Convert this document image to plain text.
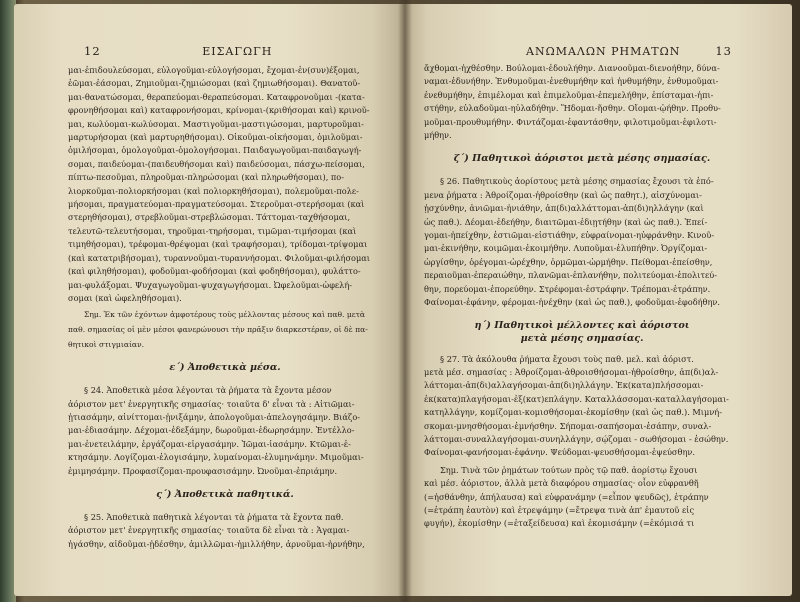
12	ΕΙΣΑΓΩΓΗ

μαι-ἐπιδουλεύσομαι, εὐλογοῦμαι-εὐλογήσομαι, ἔχομαι-ἐν(συν)έξομαι,

ἐῶμαι-ἐάσομαι, Ζημιοῦμαι-ζημιώσομαι (καὶ ζημιωθήσομαι). Θανατοῦ-

μαι-θανατώσομαι, θεραπεύομαι-θεραπεύσομαι. Καταφρονοῦμαι -(κατα-

φρονηθήσομαι καὶ) καταφρονήσομαι, κρίνομαι-(κριθήσομαι καὶ) κρινοῦ-

μαι, κωλύομαι-κωλύσομαι. Μαστιγοῦμαι-μαστιγώσομαι, μαρτυροῦμαι-

μαρτυρήσομαι (καὶ μαρτυρηθήσομαι). Οἰκοῦμαι-οἰκήσομαι, ὁμιλοῦμαι-

ὁμιλήσομαι, ὁμολογοῦμαι-ὁμολογήσομαι. Παιδαγωγοῦμαι-παιδαγωγή-

σομαι, παιδεύομαι-(παιδευθήσομαι καὶ) παιδεύσομαι, πάσχω-πείσομαι,

πίπτω-πεσοῦμαι, πληροῦμαι-πληρώσομαι (καὶ πληρωθήσομαι), πο-

λιορκοῦμαι-πολιορκήσομαι (καὶ πολιορκηθήσομαι), πολεμοῦμαι-πολε-

μήσομαι, πραγματεύομαι-πραγματεύσομαι. Στεροῦμαι-στερήσομαι (καὶ

στερηθήσομαι), στρεβλοῦμαι-στρεβλώσομαι. Τάττομαι-ταχθήσομαι,

τελευτῶ-τελευτήσομαι, τηροῦμαι-τηρήσομαι, τιμῶμαι-τιμήσομαι (καὶ

τιμηθήσομαι), τρέφομαι-θρέψομαι (καὶ τραφήσομαι), τρίδομαι-τρίψομαι

(καὶ κατατριβήσομαι), τυραννοῦμαι-τυραννήσομαι. Φιλοῦμαι-φιλήσομαι

(καὶ φιληθήσομαι), φοδοῦμαι-φοδήσομαι (καὶ φοδηθήσομαι), φυλάττο-

μαι-φυλάξομαι. Ψυχαγωγοῦμαι-ψυχαγωγήσομαι. Ὠφελοῦμαι-ὠφελή-

σομαι (καὶ ὠφεληθήσομαι).

Σημ. Ἐκ τῶν ἐχόντων ἀμφοτέρους τοὺς μέλλοντας μέσους καὶ παθ. μετὰ

παθ. σημασίας οἱ μὲν μέσοι φανερώνουσι τὴν πρᾶξιν διαρκεστέραν, οἱ δὲ πα-

θητικοὶ στιγμιαίαν.

ε΄) Ἀποθετικὰ μέσα.

§ 24. Ἀποθετικὰ μέσα λέγονται τὰ ῥήματα τὰ ἔχοντα μέσον

ἀόριστον μετ' ἐνεργητικῆς σημασίας· τοιαῦτα δ' εἶναι τὰ : Αἰτιῶμαι-

ᾐτιασάμην, αἰνίττομαι-ᾐνιξάμην, ἀπολογοῦμαι-ἀπελογησάμην. Βιάζο-

μαι-ἐδιασάμην. Δέχομαι-ἐδεξάμην, δωροῦμαι-ἐδωρησάμην. Ἐντέλλο-

μαι-ἐνετειλάμην, ἐργάζομαι-εἰργασάμην. Ἰῶμαι-ἰασάμην. Κτῶμαι-ἐ-

κτησάμην. Λογίζομαι-ἐλογισάμην, λυμαίνομαι-ἐλυμηνάμην. Μιμοῦμαι-

ἐμιμησάμην. Προφασίζομαι-προυφασισάμην. Ὠνοῦμαι-ἐπριάμην.

ς΄) Ἀποθετικὰ παθητικά.

§ 25. Ἀποθετικὰ παθητικὰ λέγονται τὰ ῥήματα τὰ ἔχοντα παθ.

ἀόριστον μετ' ἐνεργητικῆς σημασίας· τοιαῦτα δὲ εἶναι τὰ : Ἀγαμαι-

ἠγάσθην, αἰδοῦμαι-ᾐδέσθην, ἁμιλλῶμαι-ἡμιλλήθην, ἀρνοῦμαι-ἠρνήθην,

ΑΝΩΜΑΛΩΝ ΡΗΜΑΤΩΝ	13

ἄχθομαι-ἠχθέσθην. Βούλομαι-ἐδουλήθην. Διανοοῦμαι-διενοήθην, δύνα-

ναμαι-ἐδυνήθην. Ἐνθυμοῦμαι-ἐνεθυμήθην καὶ ἠνθυμήθην, ἐνθυμοῦμαι-

ἐνεθυμήθην, ἐπιμέλομαι καὶ ἐπιμελοῦμαι-ἐπεμελήθην, ἐπίσταμαι-ἠπι-

στήθην, εὐλαδοῦμαι-ηὐλαδήθην. Ἥδομαι-ἥσθην. Οἴομαι-ᾠήθην. Προθυ-

μοῦμαι-προυθυμήθην. Φιντάζομαι-ἐφαντάσθην, φιλοτιμοῦμαι-ἐφιλοτι-

μήθην.

ζ΄) Παθητικοὶ ἀόριστοι μετὰ μέσης σημασίας.

§ 26. Παθητικοὺς ἀορίστους μετὰ μέσης σημασίας ἔχουσι τὰ ἑπό-

μενα ῥήματα : Ἀθροίζομαι-ἠθροίσθην (καὶ ὡς παθητ.), αἰσχύνομαι-

ᾐσχύνθην, ἀνιῶμαι-ἠνιάθην, ἀπ(δι)αλλάττομαι-ἀπ(δι)ηλλάγην (καὶ

ὡς παθ.). Δέομαι-ἐδεήθην, διαιτῶμαι-ἐδιῃτήθην (καὶ ὡς παθ.). Ἐπεί-

γομαι-ἠπείχθην, ἑστιῶμαι-εἱστιάθην, εὐφραίνομαι-ηὐφράνθην. Κινοῦ-

μαι-ἐκινήθην, κοιμῶμαι-ἐκοιμήθην. Λυποῦμαι-ἐλυπήθην. Ὀργίζομαι-

ὠργίσθην, ὀρέγομαι-ὠρέχθην, ὁρμῶμαι-ὡρμήθην. Πείθομαι-ἐπείσθην,

περαιοῦμαι-ἐπεραιώθην, πλανῶμαι-ἐπλανήθην, πολιτεύομαι-ἐπολιτεύ-

θην, πορεύομαι-ἐπορεύθην. Στρέφομαι-ἐστράφην. Τρέπομαι-ἐτράπην.

Φαίνομαι-ἐφάνην, φέρομαι-ἠνέχθην (καὶ ὡς παθ.), φοδοῦμαι-ἐφοδήθην.

η΄) Παθητικοὶ μέλλοντες καὶ ἀόριστοι
μετὰ μέσης σημασίας.

§ 27. Τὰ ἀκόλουθα ῥήματα ἔχουσι τοὺς παθ. μελ. καὶ ἀόριστ.

μετὰ μέσ. σημασίας : Ἀθροίζομαι-ἀθροισθήσομαι-ἠθροίσθην, ἀπ(δι)αλ-

λάττομαι-ἀπ(δι)αλλαγήσομαι-ἀπ(δι)ηλλάγην. Ἐκ(κατα)πλήσσομαι-

ἐκ(κατα)πλαγήσομαι-ἐξ(κατ)επλάγην. Καταλλάσσομαι-καταλλαγήσομαι-

κατηλλάγην, κομίζομαι-κομισθήσομαι-ἐκομίσθην (καὶ ὡς παθ.). Μιμνή-

σκομαι-μνησθήσομαι-ἐμνήσθην. Σήπομαι-σαπήσομαι-ἐσάπην, συναλ-

λάττομαι-συναλλαγήσομαι-συνηλλάγην, σῴζομαι - σωθήσομαι - ἐσώθην.

Φαίνομαι-φανήσομαι-ἐφάνην. Ψεύδομαι-ψευσθήσομαι-ἐψεύσθην.

Σημ. Τινὰ τῶν ῥημάτων τούτων πρὸς τῷ παθ. ἀορίστῳ ἔχουσι

καὶ μέσ. ἀόριστον, ἀλλὰ μετὰ διαφόρου σημασίας· οἷον εὐφρανθῆ

(=ἡσθάνθην, ἀπήλαυσα) καὶ εὐφρανάμην (=εἶπον ψευδῶς), ἐτράπην

(=ἐτράπη ἑαυτὸν) καὶ ἐτρεψάμην (=ἔτρεψα τινὰ ἀπ' ἐμαυτοῦ εἰς

φυγήν), ἐκομίσθην (=ἐταξείδευσα) καὶ ἐκομισάμην (=ἐκόμισά τι
